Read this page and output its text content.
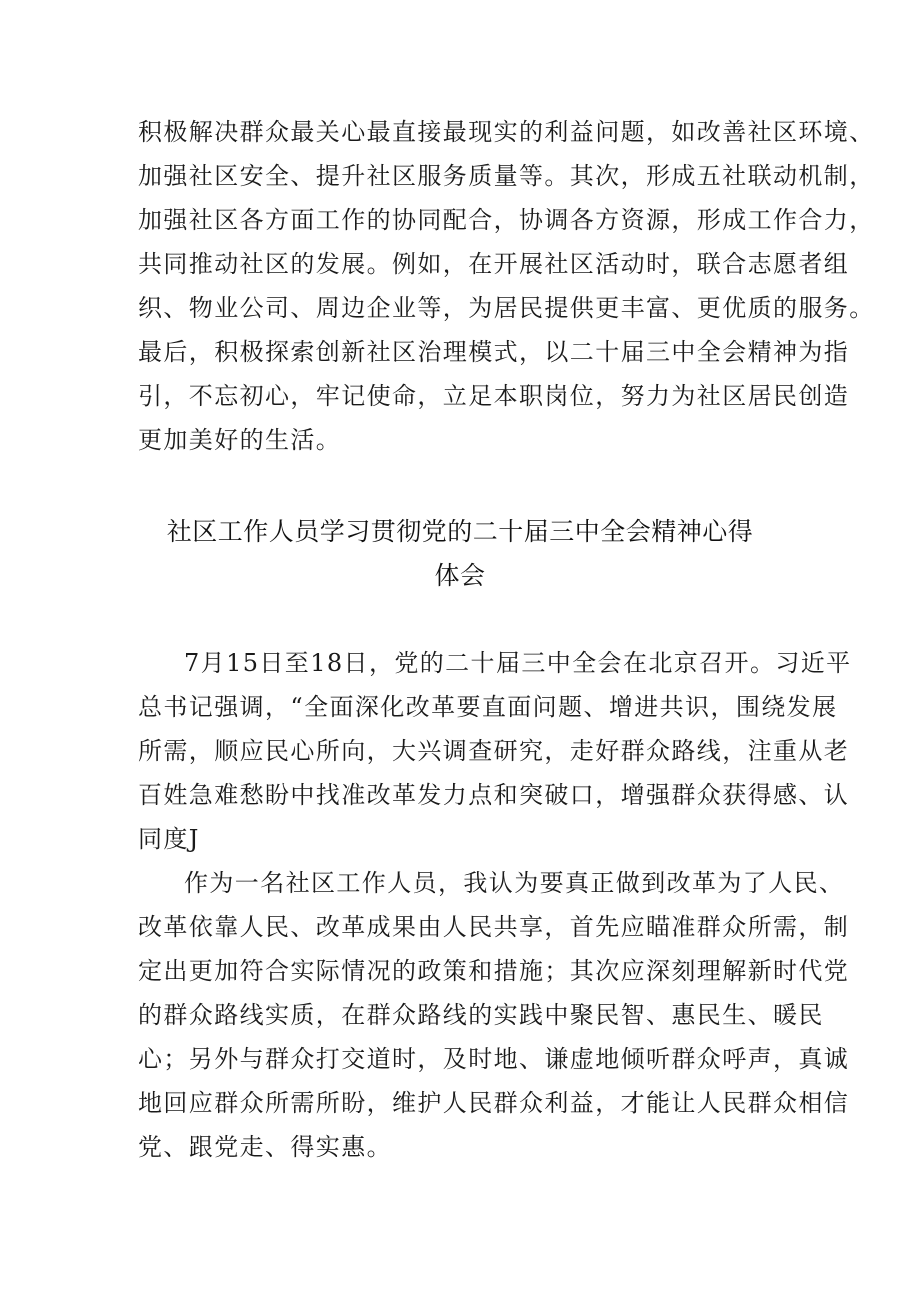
积极解决群众最关心最直接最现实的利益问题，如改善社区环境、
加强社区安全、提升社区服务质量等。其次，形成五社联动机制，
加强社区各方面工作的协同配合，协调各方资源，形成工作合力，
共同推动社区的发展。例如，在开展社区活动时，联合志愿者组
织、物业公司、周边企业等，为居民提供更丰富、更优质的服务。
最后，积极探索创新社区治理模式，以二十届三中全会精神为指
引，不忘初心，牢记使命，立足本职岗位，努力为社区居民创造
更加美好的生活。
社区工作人员学习贯彻党的二十届三中全会精神心得
体会
7月15日至18日，党的二十届三中全会在北京召开。习近平
总书记强调，“全面深化改革要直面问题、增进共识，围绕发展
所需，顺应民心所向，大兴调查研究，走好群众路线，注重从老
百姓急难愁盼中找准改革发力点和突破口，增强群众获得感、认
同度J
作为一名社区工作人员，我认为要真正做到改革为了人民、
改革依靠人民、改革成果由人民共享，首先应瞄准群众所需，制
定出更加符合实际情况的政策和措施；其次应深刻理解新时代党
的群众路线实质，在群众路线的实践中聚民智、惠民生、暖民
心；另外与群众打交道时，及时地、谦虚地倾听群众呼声，真诚
地回应群众所需所盼，维护人民群众利益，才能让人民群众相信
党、跟党走、得实惠。
